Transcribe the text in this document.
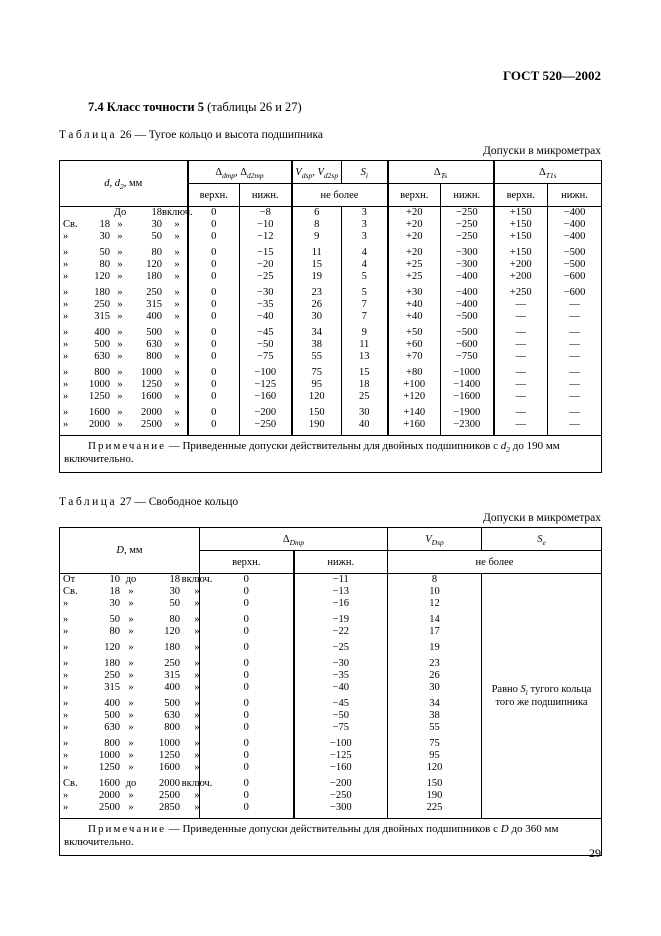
ГОСТ 520—2002
7.4 Класс точности 5 (таблицы 26 и 27)
Таблица 26 — Тугое кольцо и высота подшипника
Допуски в микрометрах
d, $d_2$, мм	$\Delta_{dmp}$, $\Delta_{d2mp}$		$V_{dsp}$, $V_{d2sp}$	$S_i$	$\Delta_{Ts}$		$\Delta_{T1s}$
	верхн.	нижн.	не более		верхн.	нижн.	верхн.	нижн.
До 18включ.	0	−8	6	3	+20	−250	+150	−400
Св. 18 » 30 »	0	−10	8	3	+20	−250	+150	−400
» 30 » 50 »	0	−12	9	3	+20	−250	+150	−400
» 50 » 80 »	0	−15	11	4	+20	−300	+150	−500
» 80 » 120 »	0	−20	15	4	+25	−300	+200	−500
» 120 » 180 »	0	−25	19	5	+25	−400	+200	−600
» 180 » 250 »	0	−30	23	5	+30	−400	+250	−600
» 250 » 315 »	0	−35	26	7	+40	−400	—	—
» 315 » 400 »	0	−40	30	7	+40	−500	—	—
» 400 » 500 »	0	−45	34	9	+50	−500	—	—
» 500 » 630 »	0	−50	38	11	+60	−600	—	—
» 630 » 800 »	0	−75	55	13	+70	−750	—	—
» 800 » 1000 »	0	−100	75	15	+80	−1000	—	—
» 1000 » 1250 »	0	−125	95	18	+100	−1400	—	—
» 1250 » 1600 »	0	−160	120	25	+120	−1600	—	—
» 1600 » 2000 »	0	−200	150	30	+140	−1900	—	—
» 2000 » 2500 »	0	−250	190	40	+160	−2300	—	—
Примечание — Приведенные допуски действительны для двойных подшипников с $d_2$ до 190 мм включительно.								
Таблица 27 — Свободное кольцо
Допуски в микрометрах
D, мм	$\Delta_{Dmp}$		$V_{Dsp}$	$S_e$
	верхн.	нижн.	не более	
От 10 до 18 включ.	0	−11	8	Равно $S_i$ тугого кольца того же подшипника
Св. 18 » 30 »	0	−13	10	
» 30 » 50 »	0	−16	12	
» 50 » 80 »	0	−19	14	
» 80 » 120 »	0	−22	17	
» 120 » 180 »	0	−25	19	
» 180 » 250 »	0	−30	23	
» 250 » 315 »	0	−35	26	
» 315 » 400 »	0	−40	30	
» 400 » 500 »	0	−45	34	
» 500 » 630 »	0	−50	38	
» 630 » 800 »	0	−75	55	
» 800 » 1000 »	0	−100	75	
» 1000 » 1250 »	0	−125	95	
» 1250 » 1600 »	0	−160	120	
Св. 1600 до 2000 включ.	0	−200	150	
» 2000 » 2500 »	0	−250	190	
» 2500 » 2850 »	0	−300	225	
Примечание — Приведенные допуски действительны для двойных подшипников с D до 360 мм включительно.				
29
